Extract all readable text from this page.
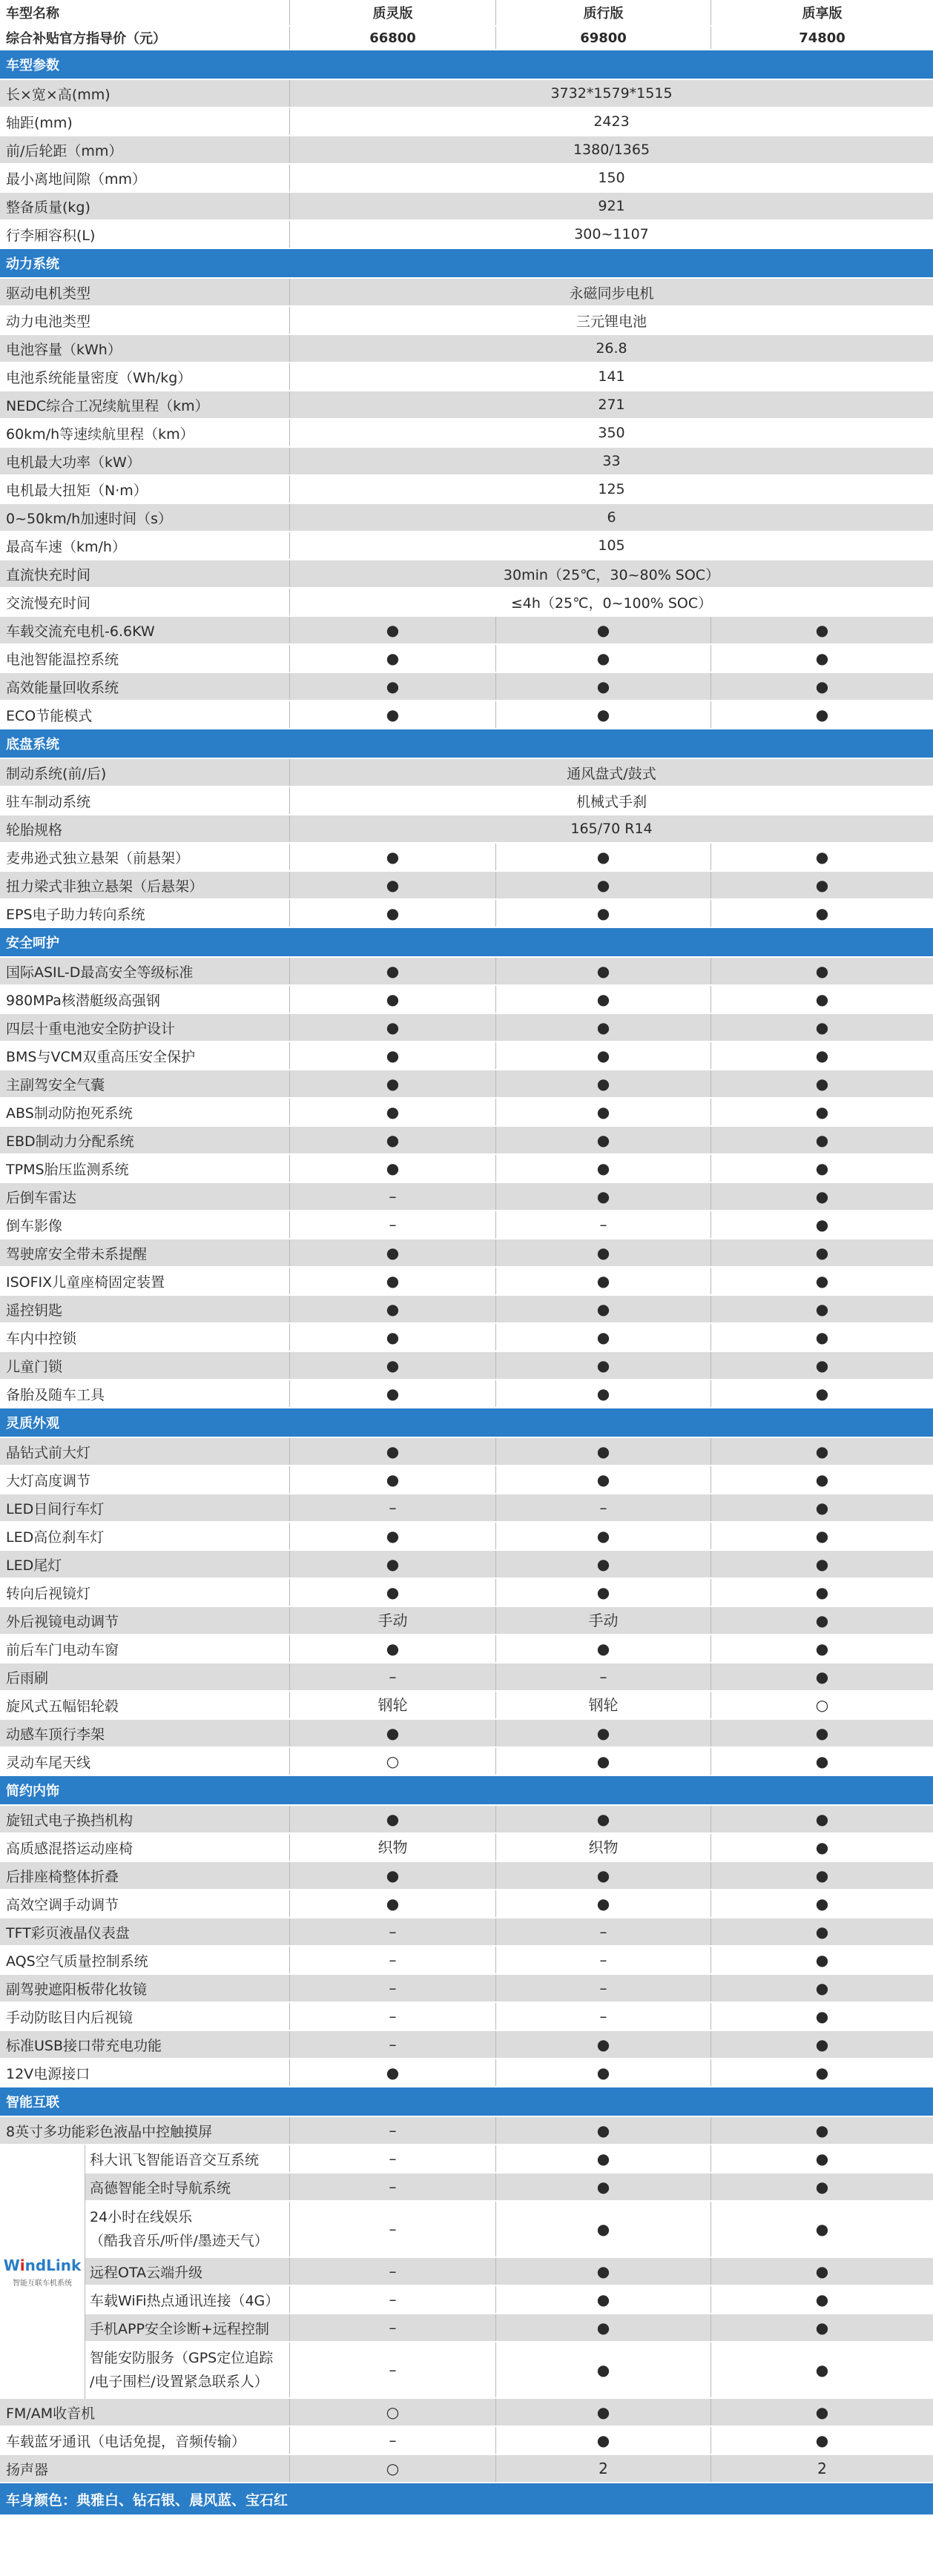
车型名称	质灵版	质行版	质享版
综合补贴官方指导价（元）	66800	69800	74800
车型参数
长×宽×高(mm)	3732*1579*1515
轴距(mm)	2423
前/后轮距（mm）	1380/1365
最小离地间隙（mm）	150
整备质量(kg)	921
行李厢容积(L)	300~1107
动力系统
驱动电机类型	永磁同步电机
动力电池类型	三元锂电池
电池容量（kWh）	26.8
电池系统能量密度（Wh/kg）	141
NEDC综合工况续航里程（km）	271
60km/h等速续航里程（km）	350
电机最大功率（kW）	33
电机最大扭矩（N·m）	125
0~50km/h加速时间（s）	6
最高车速（km/h）	105
直流快充时间	30min（25℃，30~80% SOC）
交流慢充时间	≤4h（25℃，0~100% SOC）
车载交流充电机-6.6KW	●	●	●
电池智能温控系统	●	●	●
高效能量回收系统	●	●	●
ECO节能模式	●	●	●
底盘系统
制动系统(前/后)	通风盘式/鼓式
驻车制动系统	机械式手刹
轮胎规格	165/70 R14
麦弗逊式独立悬架（前悬架）	●	●	●
扭力梁式非独立悬架（后悬架）	●	●	●
EPS电子助力转向系统	●	●	●
安全呵护
国际ASIL-D最高安全等级标准	●	●	●
980MPa核潜艇级高强钢	●	●	●
四层十重电池安全防护设计	●	●	●
BMS与VCM双重高压安全保护	●	●	●
主副驾安全气囊	●	●	●
ABS制动防抱死系统	●	●	●
EBD制动力分配系统	●	●	●
TPMS胎压监测系统	●	●	●
后倒车雷达	–	●	●
倒车影像	–	–	●
驾驶席安全带未系提醒	●	●	●
ISOFIX儿童座椅固定装置	●	●	●
遥控钥匙	●	●	●
车内中控锁	●	●	●
儿童门锁	●	●	●
备胎及随车工具	●	●	●
灵质外观
晶钻式前大灯	●	●	●
大灯高度调节	●	●	●
LED日间行车灯	–	–	●
LED高位刹车灯	●	●	●
LED尾灯	●	●	●
转向后视镜灯	●	●	●
外后视镜电动调节	手动	手动	●
前后车门电动车窗	●	●	●
后雨刷	–	–	●
旋风式五幅铝轮毂	钢轮	钢轮	○
动感车顶行李架	●	●	●
灵动车尾天线	○	●	●
简约内饰
旋钮式电子换挡机构	●	●	●
高质感混搭运动座椅	织物	织物	●
后排座椅整体折叠	●	●	●
高效空调手动调节	●	●	●
TFT彩页液晶仪表盘	–	–	●
AQS空气质量控制系统	–	–	●
副驾驶遮阳板带化妆镜	–	–	●
手动防眩目内后视镜	–	–	●
标准USB接口带充电功能	–	●	●
12V电源接口	●	●	●
智能互联
8英寸多功能彩色液晶中控触摸屏	–	●	●
WindLink
智能互联车机系统
科大讯飞智能语音交互系统	–	●	●
高德智能全时导航系统	–	●	●
24小时在线娱乐
（酷我音乐/听伴/墨迹天气）
–	●	●
远程OTA云端升级	–	●	●
车载WiFi热点通讯连接（4G）	–	●	●
手机APP安全诊断+远程控制	–	●	●
智能安防服务（GPS定位追踪
/电子围栏/设置紧急联系人）
–	●	●
FM/AM收音机	○	●	●
车载蓝牙通讯（电话免提，音频传输）	–	●	●
扬声器	○	2	2
车身颜色：典雅白、钻石银、晨风蓝、宝石红
